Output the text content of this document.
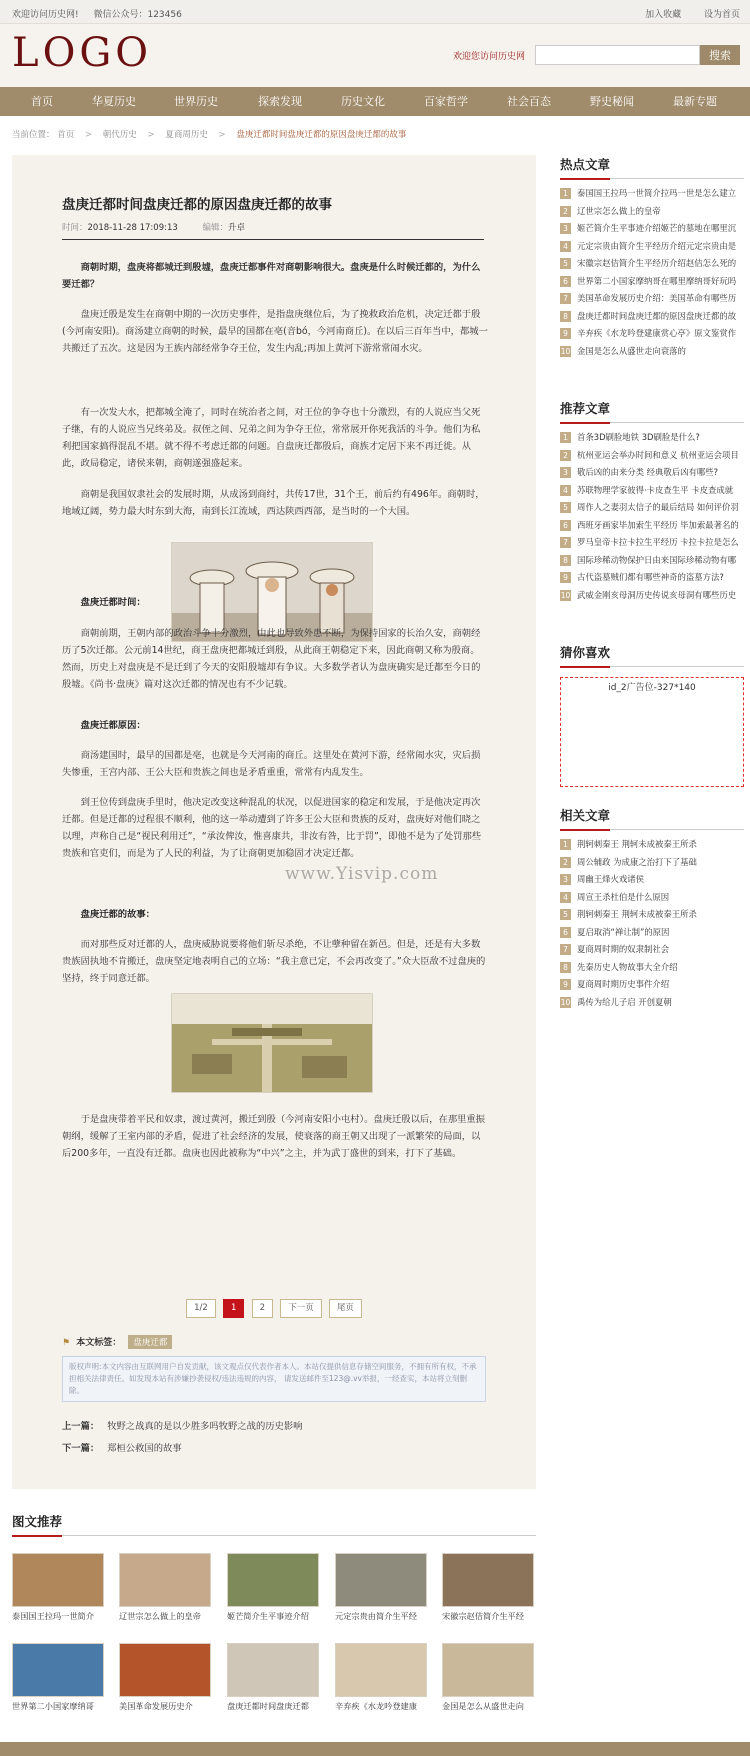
欢迎访问历史网! 微信公众号：123456	加入收藏	设为首页
LOGO	欢迎您访问历史网	搜索
首页	华夏历史	世界历史	探索发现	历史文化	百家哲学	社会百态	野史秘闻	最新专题
当前位置： 首页 > 朝代历史 > 夏商周历史 > 盘庚迁都时间盘庚迁都的原因盘庚迁都的故事
盘庚迁都时间盘庚迁都的原因盘庚迁都的故事
时间：2018-11-28 17:09:13	编辑：升卓

商朝时期，盘庚将都城迁到殷墟，盘庚迁都事件对商朝影响很大。盘庚是什么时候迁都的，为什么要迁都？

盘庚迁殷是发生在商朝中期的一次历史事件，是指盘庚继位后，为了挽救政治危机，决定迁都于殷(今河南安阳)。商汤建立商朝的时候，最早的国都在亳(音bó，今河南商丘)。在以后三百年当中，都城一共搬迁了五次。这是因为王族内部经常争夺王位，发生内乱;再加上黄河下游常常闹水灾。

有一次发大水，把都城全淹了，同时在统治者之间，对王位的争夺也十分激烈，有的人说应当父死子继，有的人说应当兄终弟及。叔侄之间、兄弟之间为争夺王位，常常展开你死我活的斗争。他们为私利把国家搞得混乱不堪。就不得不考虑迁都的问题。自盘庚迁都殷后，商族才定居下来不再迁徙。从此，政局稳定，诸侯来朝，商朝遂强盛起来。

商朝是我国奴隶社会的发展时期，从成汤到商纣，共传17世，31个王，前后约有496年。商朝时，地域辽阔，势力最大时东到大海，南到长江流域，西达陕西西部，是当时的一个大国。

盘庚迁都时间：

商朝前期，王朝内部的政治斗争十分激烈，由此也导致外患不断，为保持国家的长治久安，商朝经历了5次迁都。公元前14世纪，商王盘庚把都城迁到殷，从此商王朝稳定下来，因此商朝又称为殷商。然而，历史上对盘庚是不是迁到了今天的安阳殷墟却有争议。大多数学者认为盘庚确实是迁都至今日的殷墟。《尚书·盘庚》篇对这次迁都的情况也有不少记载。

盘庚迁都原因：

商汤建国时，最早的国都是亳，也就是今天河南的商丘。这里处在黄河下游，经常闹水灾，灾后损失惨重，王宫内部、王公大臣和贵族之间也是矛盾重重，常常有内乱发生。

到王位传到盘庚手里时，他决定改变这种混乱的状况，以促进国家的稳定和发展，于是他决定再次迁都。但是迁都的过程很不顺利，他的这一举动遭到了许多王公大臣和贵族的反对，盘庚好对他们晓之以理，声称自己是“视民利用迁”，“承汝俾汝，惟喜康共，非汝有咎，比于罚”，即他不是为了处罚那些贵族和官吏们，而是为了人民的利益，为了让商朝更加稳固才决定迁都。

盘庚迁都的故事：

而对那些反对迁都的人，盘庚威胁说要将他们斩尽杀绝，不让孽种留在新邑。但是，还是有大多数贵族固执地不肯搬迁，盘庚坚定地表明自己的立场：“我主意已定，不会再改变了。”众大臣敌不过盘庚的坚持，终于同意迁都。

于是盘庚带着平民和奴隶，渡过黄河，搬迁到殷（今河南安阳小屯村）。盘庚迁殷以后，在那里重振朝纲，缓解了王室内部的矛盾，促进了社会经济的发展，使衰落的商王朝又出现了一派繁荣的局面，以后200多年，一直没有迁都。盘庚也因此被称为“中兴”之主，并为武丁盛世的到来，打下了基础。

1/2	1	2	下一页	尾页
⚑ 本文标签： 盘庚迁都
版权声明:本文内容由互联网用户自发贡献，该文观点仅代表作者本人。本站仅提供信息存储空间服务，不拥有所有权，不承担相关法律责任。如发现本站有涉嫌抄袭侵权/违法违规的内容， 请发送邮件至123@.vv举报，一经查实，本站将立刻删除。
上一篇： 牧野之战真的是以少胜多吗牧野之战的历史影响
下一篇： 郑桓公救国的故事
www.Yisvip.com
热点文章
1 泰国国王拉玛一世简介拉玛一世是怎么建立
2 辽世宗怎么做上的皇帝
3 姬芒简介生平事迹介绍姬芒的墓地在哪里沉
4 元定宗贵由简介生平经历介绍元定宗贵由是
5 宋徽宗赵佶简介生平经历介绍赵佶怎么死的
6 世界第二小国家摩纳哥在哪里摩纳哥好玩吗
7 美国革命发展历史介绍：美国革命有哪些历
8 盘庚迁都时间盘庚迁都的原因盘庚迁都的故
9 辛弃疾《水龙吟登建康赏心亭》原文鉴赏作
10 金国是怎么从盛世走向衰落的
推荐文章
1 首条3D刷脸地铁 3D刷脸是什么?
2 杭州亚运会举办时间和意义 杭州亚运会项目
3 敬后凶的由来分类 经典敬后凶有哪些?
4 苏联物理学家彼得·卡皮查生平 卡皮查成就
5 周作人之妻羽太信子的最后结局 如何评价羽
6 西班牙画家毕加索生平经历 毕加索最著名的
7 罗马皇帝卡拉卡拉生平经历 卡拉卡拉是怎么
8 国际珍稀动物保护日由来国际珍稀动物有哪
9 古代盗墓贼们都有哪些神奇的盗墓方法?
10 武威金刚亥母洞历史传说亥母洞有哪些历史
猜你喜欢
id_2广告位-327*140
相关文章
1 荆轲刺秦王 荆轲未成被秦王所杀
2 周公辅政 为成康之治打下了基础
3 周幽王烽火戏诸侯
4 周宣王杀杜伯是什么原因
5 荆轲刺秦王 荆轲未成被秦王所杀
6 夏启取消“禅让制”的原因
7 夏商周时期的奴隶制社会
8 先秦历史人物故事大全介绍
9 夏商周时期历史事件介绍
10 禹传为给儿子启 开创夏朝
图文推荐
泰国国王拉玛一世简介	辽世宗怎么做上的皇帝	姬芒简介生平事迹介绍	元定宗贵由简介生平经	宋徽宗赵佶简介生平经
世界第二小国家摩纳哥	美国革命发展历史介	盘庚迁都时间盘庚迁都	辛弃疾《水龙吟登建康	金国是怎么从盛世走向
